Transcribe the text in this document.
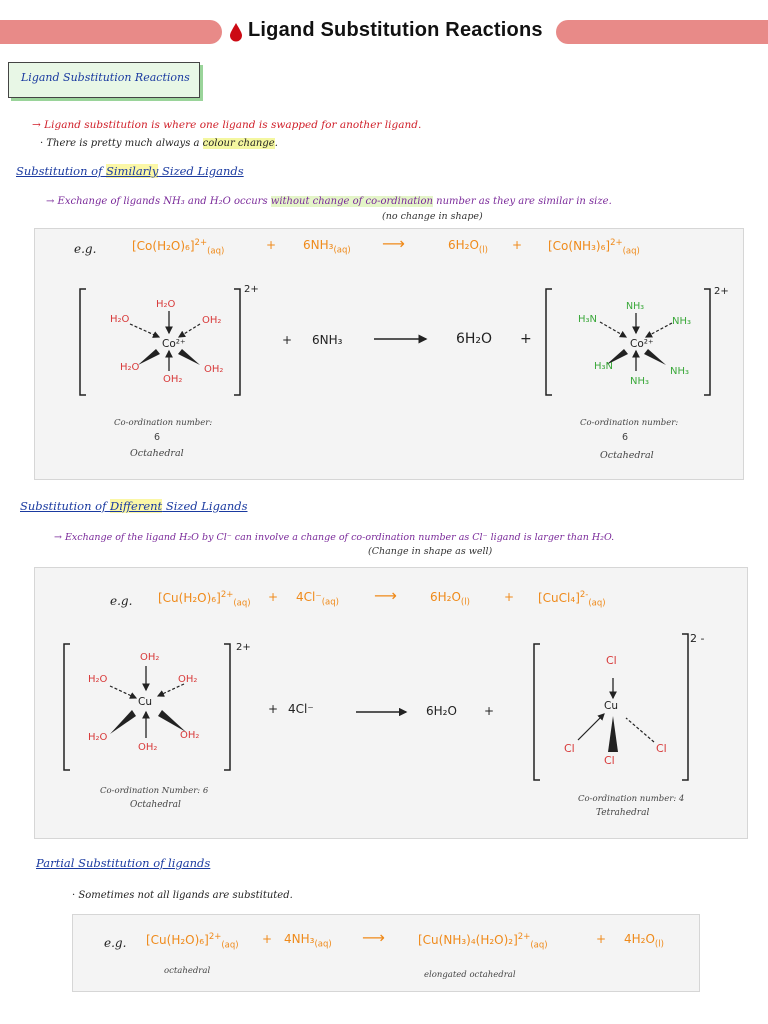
Ligand Substitution Reactions
Ligand Substitution Reactions
→ Ligand substitution is where one ligand is swapped for another ligand.
· There is pretty much always a colour change.
Substitution of Similarly Sized Ligands
→ Exchange of ligands NH₃ and H₂O occurs without change of co-ordination number as they are similar in size.
(no change in shape)
e.g.	$[Co(H_2O)_6]^{2+}_{(aq)}$	+ $6NH_3_{(aq)}$ ⟶	$6H_2O_{(l)} + [Co(NH_3)_6]^{2+}_{(aq)}$
H₂O
H₂O	OH₂
Co²⁺
H₂O	OH₂
OH₂
2+
+ 6NH₃	6H₂O +
NH₃
H₃N	NH₃
Co²⁺
H₃N	NH₃
NH₃
2+
Co-ordination number:
6
Octahedral
Co-ordination number:
6
Octahedral
Substitution of Different Sized Ligands
→ Exchange of the ligand H₂O by Cl⁻ can involve a change of co-ordination number as Cl⁻ ligand is larger than H₂O.
(Change in shape as well)
e.g. $[Cu(H_2O)_6]^{2+}_{(aq)} + 4Cl^-_{(aq)}$ ⟶	$6H_2O_{(l)}$	+ [CuCl₄]$^{2-}_{(aq)}$
OH₂
H₂O	OH₂
Cu
H₂O	OH₂
OH₂
2+
+ 4Cl⁻	6H₂O +
Cl
Cu
Cl
Cl
Cl
2 -
Co-ordination Number: 6
Octahedral
Co-ordination number: 4
Tetrahedral
Partial Substitution of ligands
· Sometimes not all ligands are substituted.
e.g. $[Cu(H_2O)_6]^{2+}_{(aq)} + 4NH_3_{(aq)}$ ⟶	$[Cu(NH_3)_4(H_2O)_2]^{2+}_{(aq)}$	+ $4H_2O_{(l)}$
octahedral	elongated octahedral
